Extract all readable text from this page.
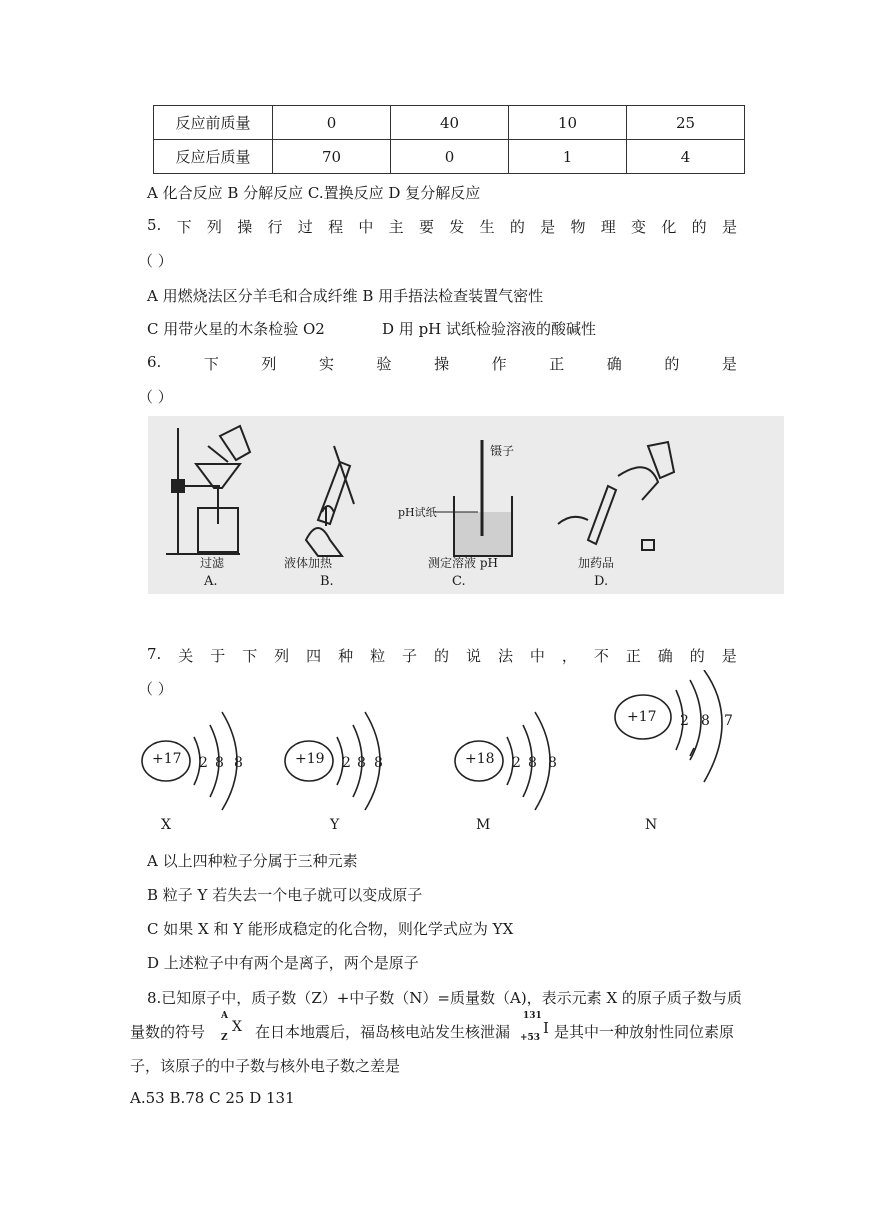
反应前质量	0	40	10	25
反应后质量	70	0	1	4
A 化合反应 B 分解反应 C.置换反应 D 复分解反应
5. 下 列 操 行 过 程 中 主 要 发 生 的 是 物 理 变 化 的 是
（ ）
A 用燃烧法区分羊毛和合成纤维 B 用手捂法检查装置气密性
C 用带火星的木条检验 O2	D 用 pH 试纸检验溶液的酸碱性
6.	下	列	实	验	操	作	正	确	的	是
（ ）
过滤	液体加热	测定溶液 pH	加药品
A.	B.	C.	D.
镊子
pH试纸
7. 关 于 下 列 四 种 粒 子 的 说 法 中 ， 不 正 确 的 是
（ ）
+17 2 8 8	+19 2 8 8	+18 2 8 8
+17 2 8 7
X	Y	M	N
A 以上四种粒子分属于三种元素
B 粒子 Y 若失去一个电子就可以变成原子
C 如果 X 和 Y 能形成稳定的化合物，则化学式应为 YX
D 上述粒子中有两个是离子，两个是原子
8.已知原子中，质子数（Z）+中子数（N）=质量数（A)，表示元素 X 的原子质子数与质
量数的符号
A
Z
X 在日本地震后，福岛核电站发生核泄漏
131
+53
I 是其中一种放射性同位素原
子，该原子的中子数与核外电子数之差是
A.53 B.78 C 25 D 131
